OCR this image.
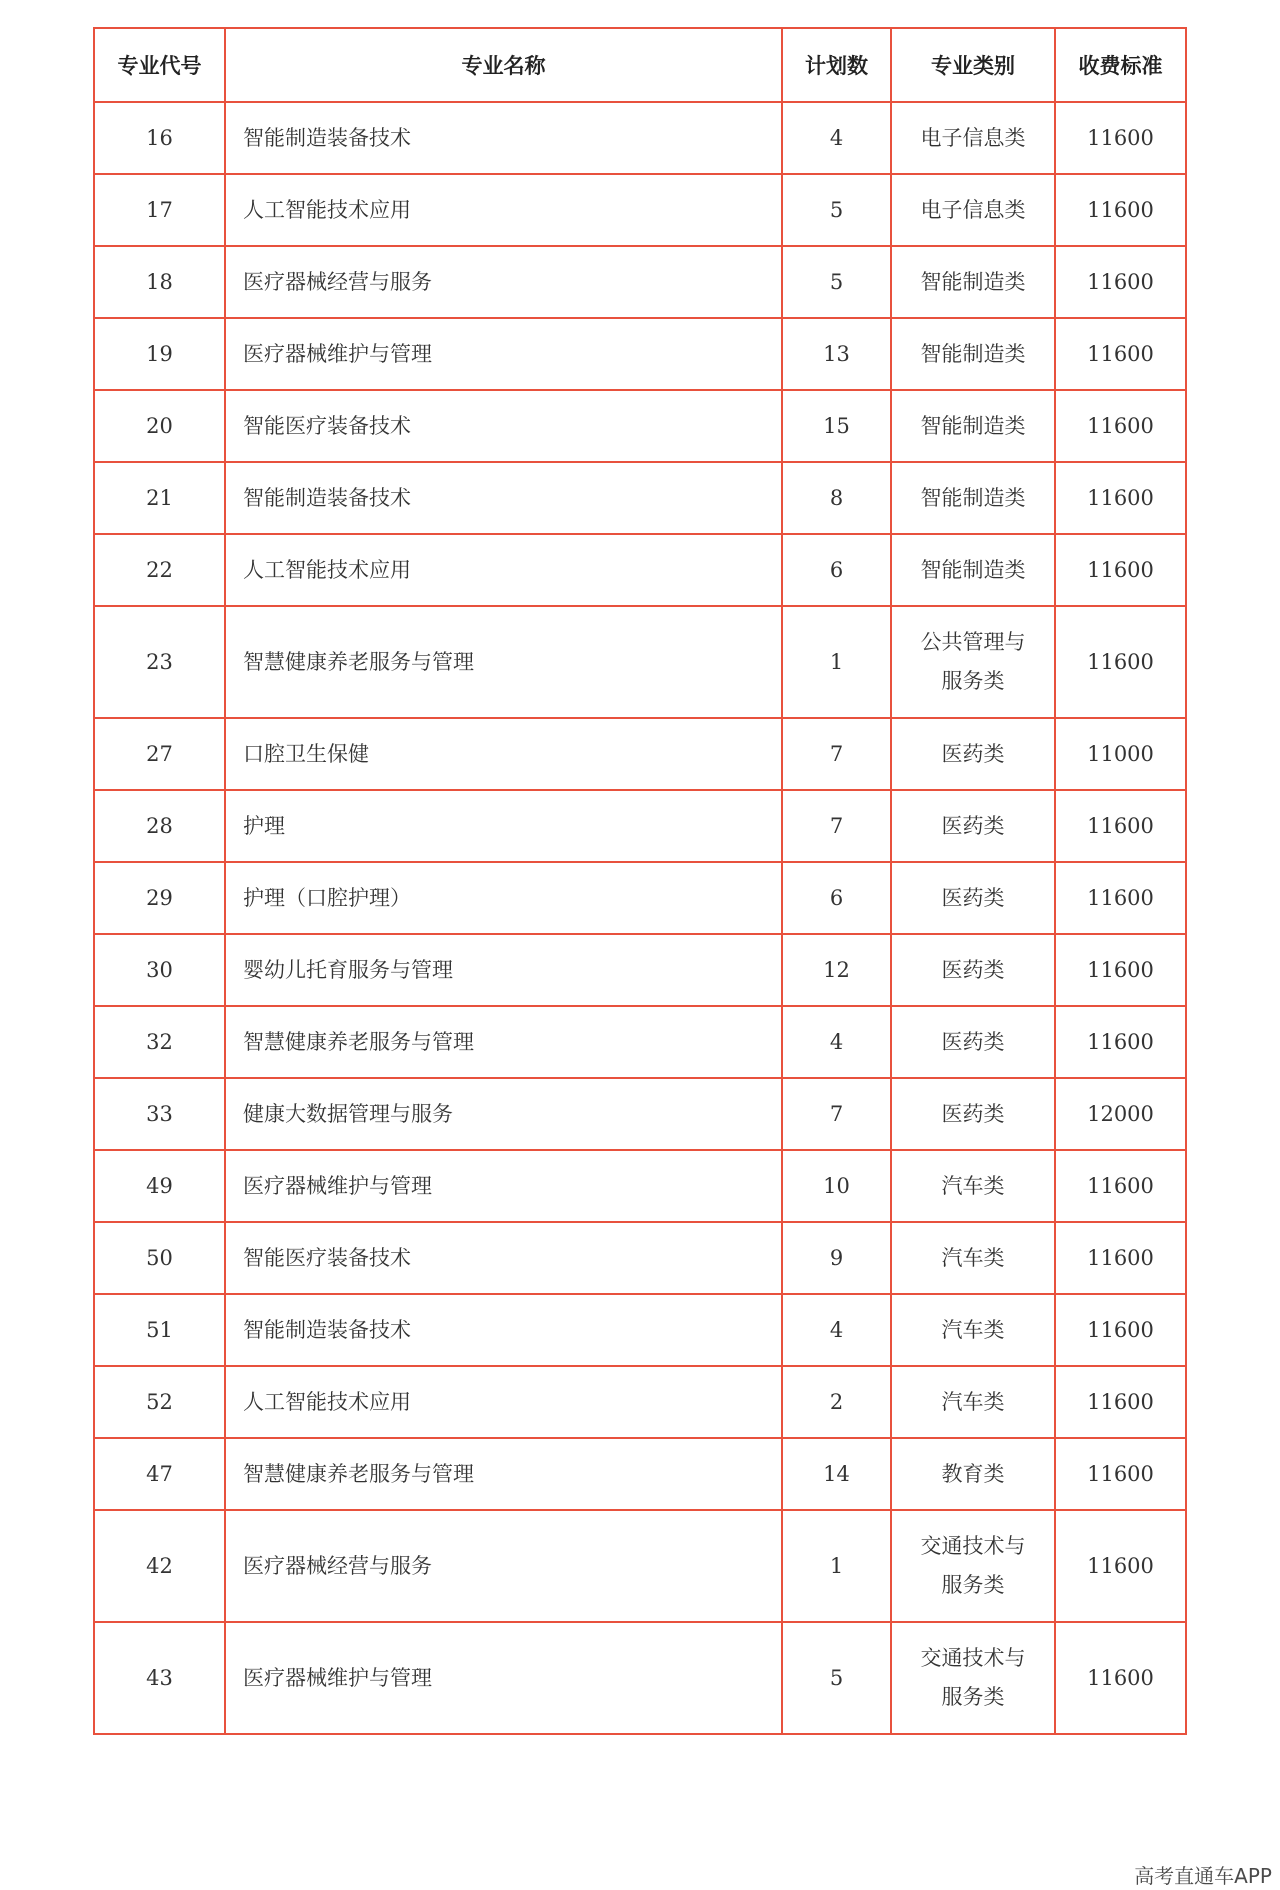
专业代号	专业名称	计划数	专业类别	收费标准
16	智能制造装备技术	4	电子信息类	11600
17	人工智能技术应用	5	电子信息类	11600
18	医疗器械经营与服务	5	智能制造类	11600
19	医疗器械维护与管理	13	智能制造类	11600
20	智能医疗装备技术	15	智能制造类	11600
21	智能制造装备技术	8	智能制造类	11600
22	人工智能技术应用	6	智能制造类	11600
23	智慧健康养老服务与管理	1	公共管理与服务类	11600
27	口腔卫生保健	7	医药类	11000
28	护理	7	医药类	11600
29	护理（口腔护理）	6	医药类	11600
30	婴幼儿托育服务与管理	12	医药类	11600
32	智慧健康养老服务与管理	4	医药类	11600
33	健康大数据管理与服务	7	医药类	12000
49	医疗器械维护与管理	10	汽车类	11600
50	智能医疗装备技术	9	汽车类	11600
51	智能制造装备技术	4	汽车类	11600
52	人工智能技术应用	2	汽车类	11600
47	智慧健康养老服务与管理	14	教育类	11600
42	医疗器械经营与服务	1	交通技术与服务类	11600
43	医疗器械维护与管理	5	交通技术与服务类	11600
高考直通车APP
